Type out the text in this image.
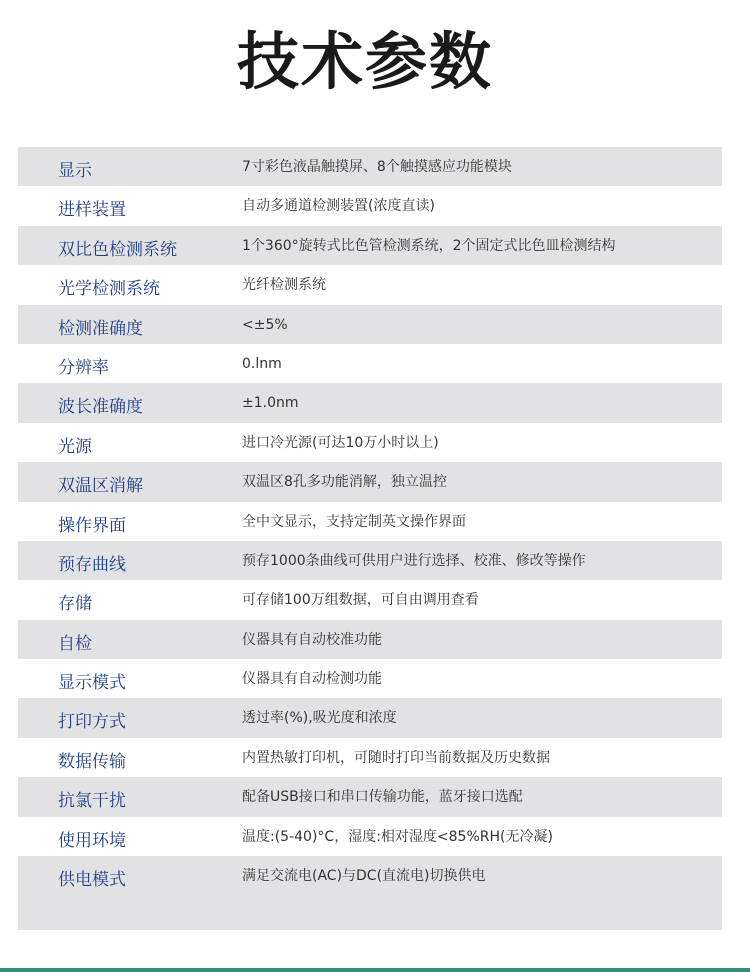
技术参数
显示	7寸彩色液晶触摸屏、8个触摸感应功能模块
进样装置	自动多通道检测装置(浓度直读)
双比色检测系统	1个360°旋转式比色管检测系统，2个固定式比色皿检测结构
光学检测系统	光纤检测系统
检测准确度	<±5%
分辨率	0.lnm
波长准确度	±1.0nm
光源	进口冷光源(可达10万小时以上)
双温区消解	双温区8孔多功能消解，独立温控
操作界面	全中文显示，支持定制英文操作界面
预存曲线	预存1000条曲线可供用户进行选择、校准、修改等操作
存储	可存储100万组数据，可自由调用查看
自检	仪器具有自动校准功能
显示模式	仪器具有自动检测功能
打印方式	透过率(%),吸光度和浓度
数据传输	内置热敏打印机，可随时打印当前数据及历史数据
抗氯干扰	配备USB接口和串口传输功能，蓝牙接口选配
使用环境	温度:(5-40)°C，湿度:相对湿度<85%RH(无冷凝)
供电模式	满足交流电(AC)与DC(直流电)切换供电
